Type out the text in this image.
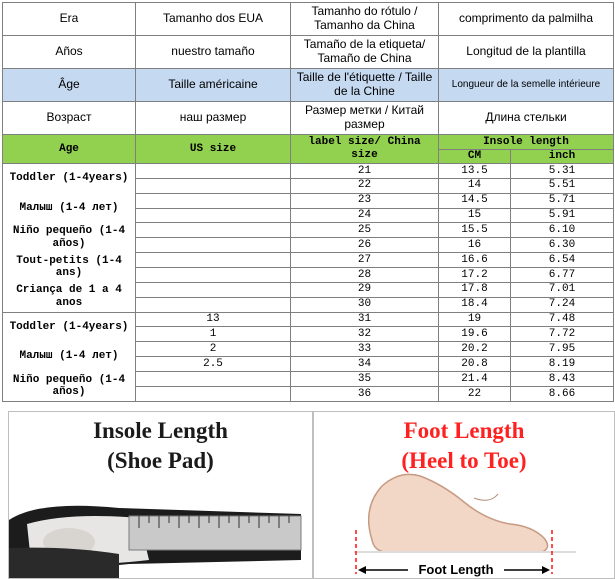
Era	Tamanho dos EUA	Tamanho do rótulo / Tamanho da China	comprimento da palmilha	
Años	nuestro tamaño	Tamaño de la etiqueta/ Tamaño de China	Longitud de la plantilla	
Âge	Taille américaine	Taille de l'étiquette / Taille de la Chine	Longueur de la semelle intérieure	
Возраст	наш размер	Размер метки / Китай размер	Длина стельки	
Age	US size	label size/ China size	Insole length	
			CM	inch

Toddler (1-4years)
Малыш (1-4 лет)
Niño pequeño (1-4 años)
Tout-petits (1-4 ans)
Criança de 1 a 4 anos		21	13.5	5.31
		22	14	5.51
		23	14.5	5.71
		24	15	5.91
		25	15.5	6.10
		26	16	6.30
		27	16.6	6.54
		28	17.2	6.77
		29	17.8	7.01
		30	18.4	7.24

Toddler (1-4years)
Малыш (1-4 лет)
Niño pequeño (1-4 años)	13	31	19	7.48
	1	32	19.6	7.72
	2	33	20.2	7.95
	2.5	34	20.8	8.19
		35	21.4	8.43
		36	22	8.66
Insole Length
(Shoe Pad)
Foot Length
(Heel to Toe)
Foot Length
